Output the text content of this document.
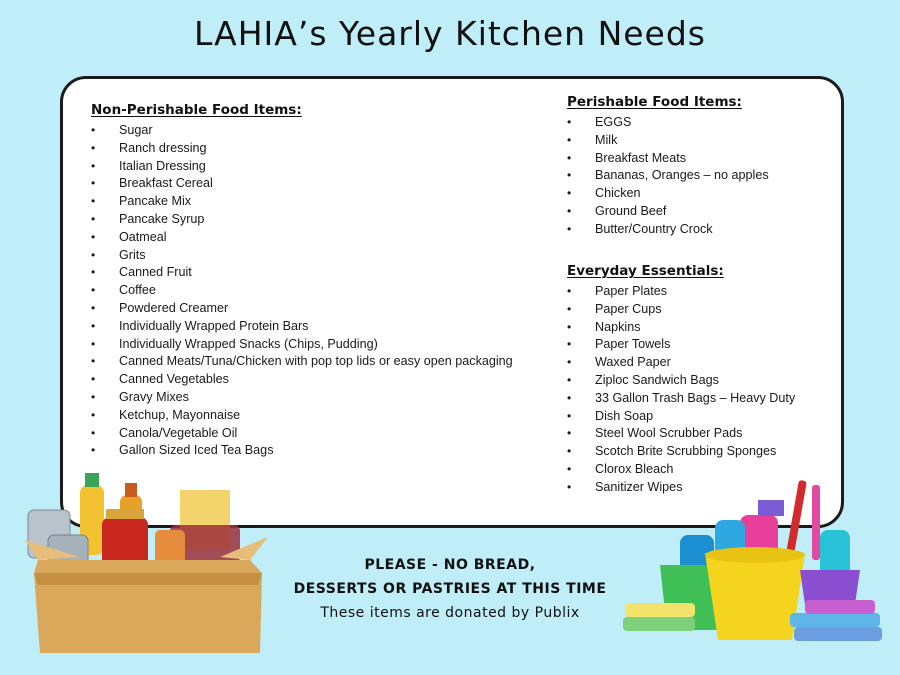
LAHIA’s Yearly Kitchen Needs
Non-Perishable Food Items:
• Sugar
• Ranch dressing
• Italian Dressing
• Breakfast Cereal
• Pancake Mix
• Pancake Syrup
• Oatmeal
• Grits
• Canned Fruit
• Coffee
• Powdered Creamer
• Individually Wrapped Protein Bars
• Individually Wrapped Snacks (Chips, Pudding)
• Canned Meats/Tuna/Chicken with pop top lids or easy open packaging
• Canned Vegetables
• Gravy Mixes
• Ketchup, Mayonnaise
• Canola/Vegetable Oil
• Gallon Sized Iced Tea Bags
Perishable Food Items:
• EGGS
• Milk
• Breakfast Meats
• Bananas, Oranges – no apples
• Chicken
• Ground Beef
• Butter/Country Crock
Everyday Essentials:
• Paper Plates
• Paper Cups
• Napkins
• Paper Towels
• Waxed Paper
• Ziploc Sandwich Bags
• 33 Gallon Trash Bags – Heavy Duty
• Dish Soap
• Steel Wool Scrubber Pads
• Scotch Brite Scrubbing Sponges
• Clorox Bleach
• Sanitizer Wipes
PLEASE - NO BREAD,
DESSERTS OR PASTRIES AT THIS TIME
These items are donated by Publix
